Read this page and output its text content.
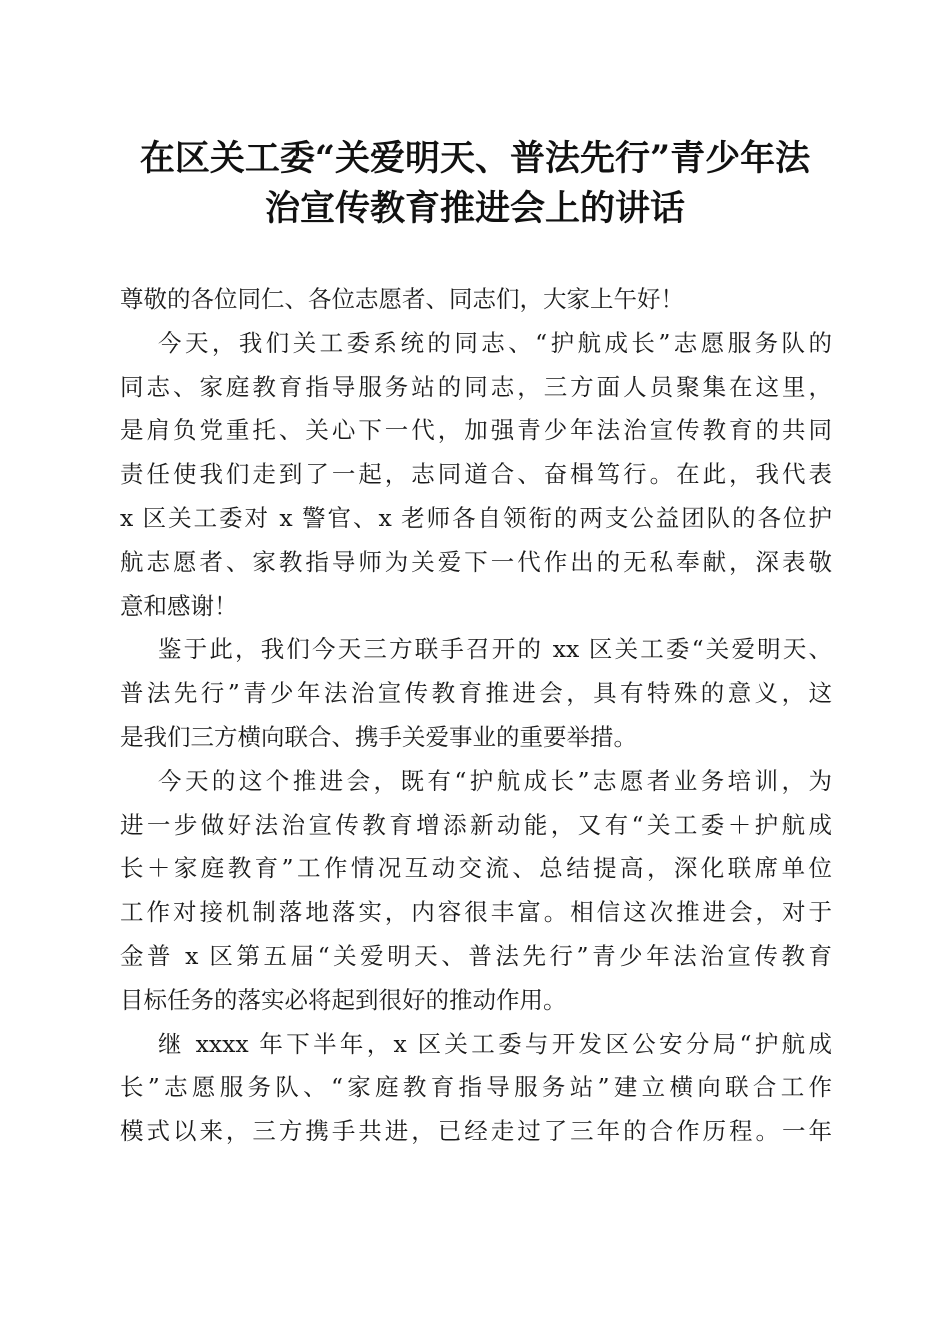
在区关工委“关爱明天、普法先行”青少年法
治宣传教育推进会上的讲话
尊敬的各位同仁、各位志愿者、同志们，大家上午好！
今天，我们关工委系统的同志、“护航成长”志愿服务队的
同志、家庭教育指导服务站的同志，三方面人员聚集在这里，
是肩负党重托、关心下一代，加强青少年法治宣传教育的共同
责任使我们走到了一起，志同道合、奋楫笃行。在此，我代表
x 区关工委对 x 警官、x 老师各自领衔的两支公益团队的各位护
航志愿者、家教指导师为关爱下一代作出的无私奉献，深表敬
意和感谢！
鉴于此，我们今天三方联手召开的 xx 区关工委“关爱明天、
普法先行”青少年法治宣传教育推进会，具有特殊的意义，这
是我们三方横向联合、携手关爱事业的重要举措。
今天的这个推进会，既有“护航成长”志愿者业务培训，为
进一步做好法治宣传教育增添新动能，又有“关工委＋护航成
长＋家庭教育”工作情况互动交流、总结提高，深化联席单位
工作对接机制落地落实，内容很丰富。相信这次推进会，对于
金普 x 区第五届“关爱明天、普法先行”青少年法治宣传教育
目标任务的落实必将起到很好的推动作用。
继 xxxx 年下半年，x 区关工委与开发区公安分局“护航成
长”志愿服务队、“家庭教育指导服务站”建立横向联合工作
模式以来，三方携手共进，已经走过了三年的合作历程。一年
